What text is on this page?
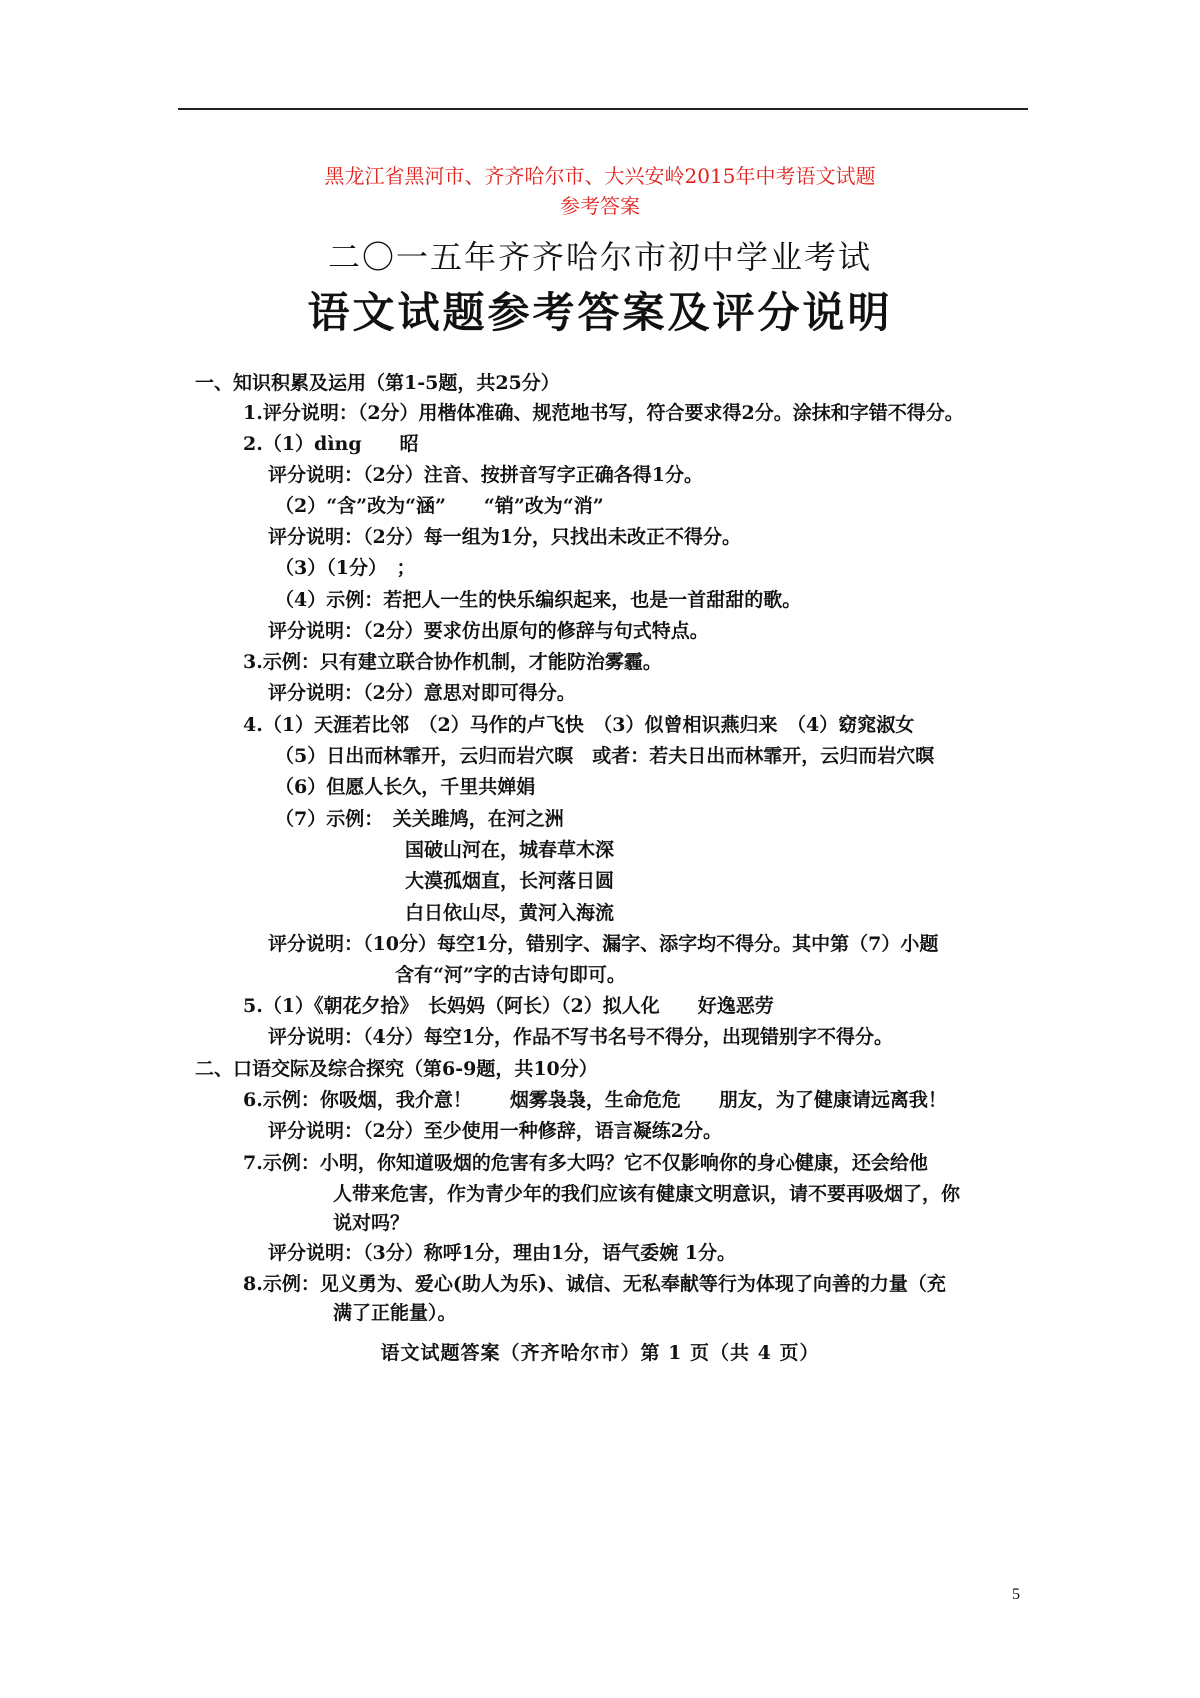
黑龙江省黑河市、齐齐哈尔市、大兴安岭2015年中考语文试题
参考答案
二〇一五年齐齐哈尔市初中学业考试
语文试题参考答案及评分说明
一、知识积累及运用（第1-5题，共25分）
1.评分说明：（2分）用楷体准确、规范地书写，符合要求得2分。涂抹和字错不得分。
2.（1）dìng　　昭
评分说明：（2分）注音、按拼音写字正确各得1分。
（2）“含”改为“涵”　　“销”改为“消”
评分说明：（2分）每一组为1分，只找出未改正不得分。
（3）（1分）　；
（4）示例：若把人一生的快乐编织起来，也是一首甜甜的歌。
评分说明：（2分）要求仿出原句的修辞与句式特点。
3.示例：只有建立联合协作机制，才能防治雾霾。
评分说明：（2分）意思对即可得分。
4.（1）天涯若比邻　（2）马作的卢飞快　（3）似曾相识燕归来　（4）窈窕淑女
（5）日出而林霏开，云归而岩穴暝　或者：若夫日出而林霏开，云归而岩穴暝
（6）但愿人长久，千里共婵娟
（7）示例：　关关雎鸠，在河之洲
国破山河在，城春草木深
大漠孤烟直，长河落日圆
白日依山尽，黄河入海流
评分说明：（10分）每空1分，错别字、漏字、添字均不得分。其中第（7）小题
含有“河”字的古诗句即可。
5.（1）《朝花夕拾》　长妈妈（阿长）（2）拟人化　　好逸恶劳
评分说明：（4分）每空1分，作品不写书名号不得分，出现错别字不得分。
二、口语交际及综合探究（第6-9题，共10分）
6.示例：你吸烟，我介意！　　烟雾袅袅，生命危危　　朋友，为了健康请远离我！
评分说明：（2分）至少使用一种修辞，语言凝练2分。
7.示例：小明，你知道吸烟的危害有多大吗？它不仅影响你的身心健康，还会给他
人带来危害，作为青少年的我们应该有健康文明意识，请不要再吸烟了，你
说对吗？
评分说明：（3分）称呼1分，理由1分，语气委婉 1分。
8.示例：见义勇为、爱心(助人为乐)、诚信、无私奉献等行为体现了向善的力量（充
满了正能量）。
语文试题答案（齐齐哈尔市）第 1 页（共 4 页）
5
